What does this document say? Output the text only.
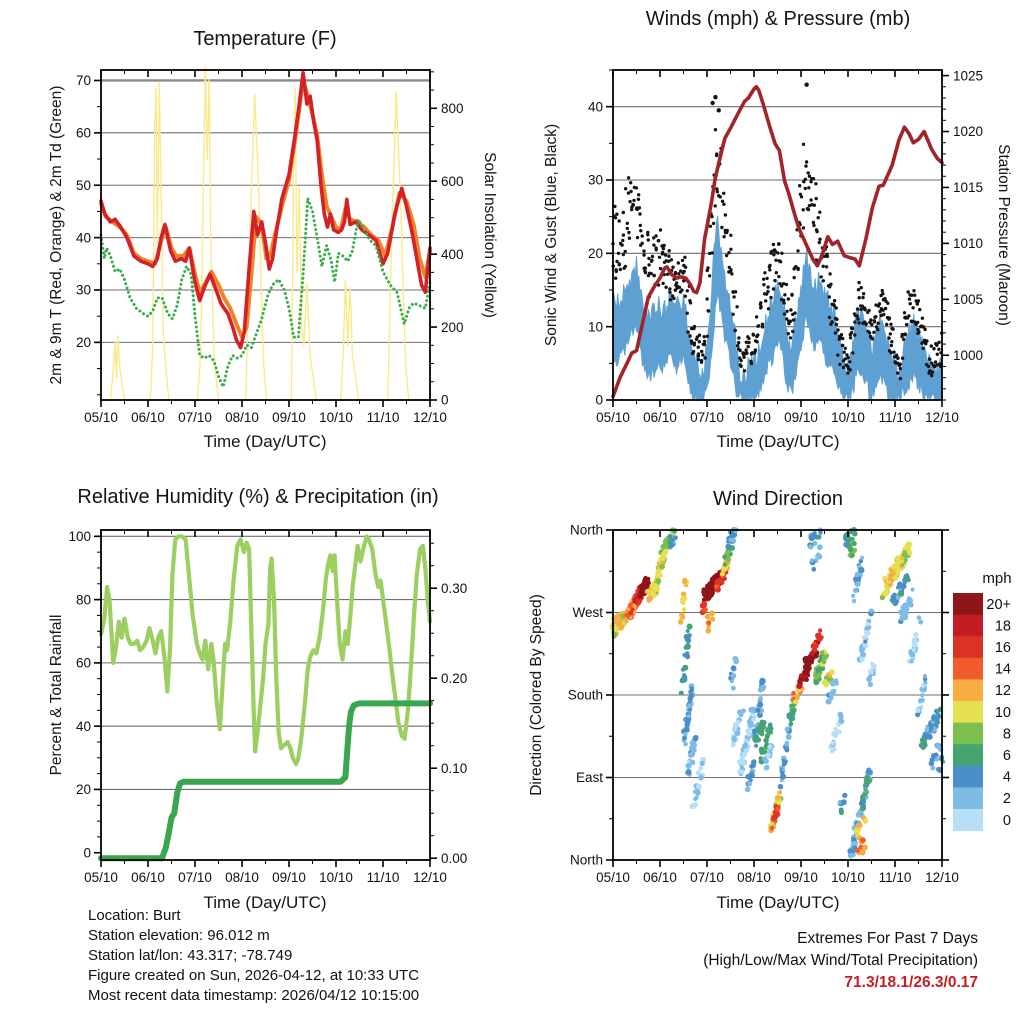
05/10 06/10 07/10 08/10 09/10 10/10 11/10 12/10
20
30
40
50
60
70
0
200
400
600
800
05/10 06/10 07/10 08/10 09/10 10/10 11/10 12/10
0
10
20
30
40
1000
1005
1010
1015
1020
1025
05/10 06/10 07/10 08/10 09/10 10/10 11/10 12/10
0
20
40
60
80
100
0.00
0.10
0.20
0.30
05/10 06/10 07/10 08/10 09/10 10/10 11/10 12/10
North
West
South
East
North
mph
20+
18
16
14
12
10
8
6
4
2
0
Temperature (F)
Winds (mph) & Pressure (mb)
Relative Humidity (%) & Precipitation (in)	Wind Direction
2m & 9m T (Red, Orange) & 2m Td (Green)	Solar Insolation (Yellow)	Sonic Wind & Gust (Blue, Black)	Station Pressure (Maroon)
Percent & Total Rainfall	Direction (Colored By Speed)
Time (Day/UTC)	Time (Day/UTC)
Time (Day/UTC)	Time (Day/UTC)
Location: Burt
Station elevation: 96.012 m
Station lat/lon: 43.317; -78.749
Figure created on Sun, 2026-04-12, at 10:33 UTC
Most recent data timestamp: 2026/04/12 10:15:00
Extremes For Past 7 Days
(High/Low/Max Wind/Total Precipitation)
71.3/18.1/26.3/0.17
